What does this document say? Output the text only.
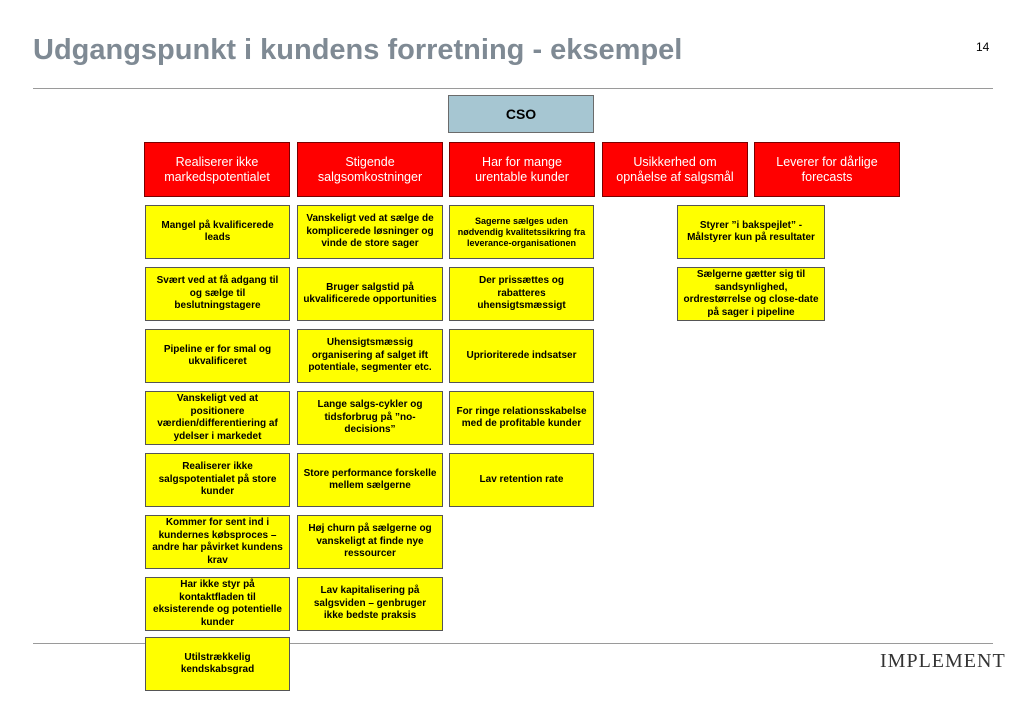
Udgangspunkt i kundens forretning - eksempel	14
CSO
Realiserer ikke markedspotentialet
Stigende salgsomkostninger
Har for mange urentable kunder
Usikkerhed om opnåelse af salgsmål
Leverer for dårlige forecasts
Mangel på kvalificerede leads
Svært ved at få adgang til og sælge til beslutningstagere
Pipeline er for smal og ukvalificeret
Vanskeligt ved at positionere værdien/differentiering af ydelser i markedet
Realiserer ikke salgspotentialet på store kunder
Kommer for sent ind i kundernes købsproces – andre har påvirket kundens krav
Har ikke styr på kontaktfladen til eksisterende og potentielle kunder
Utilstrækkelig kendskabsgrad
Vanskeligt ved at sælge de komplicerede løsninger og vinde de store sager
Bruger salgstid på ukvalificerede opportunities
Uhensigtsmæssig organisering af salget ift potentiale, segmenter etc.
Lange salgs-cykler og tidsforbrug på ”no-decisions”
Store performance forskelle mellem sælgerne
Høj churn på sælgerne og vanskeligt at finde nye ressourcer
Lav kapitalisering på salgsviden – genbruger ikke bedste praksis
Sagerne sælges uden nødvendig kvalitetssikring fra leverance-organisationen
Der prissættes og rabatteres uhensigtsmæssigt
Uprioriterede indsatser
For ringe relationsskabelse med de profitable kunder
Lav retention rate
Styrer ”i bakspejlet” - Målstyrer kun på resultater
Sælgerne gætter sig til sandsynlighed, ordrestørrelse og close-date på sager i pipeline
IMPLEMENT
